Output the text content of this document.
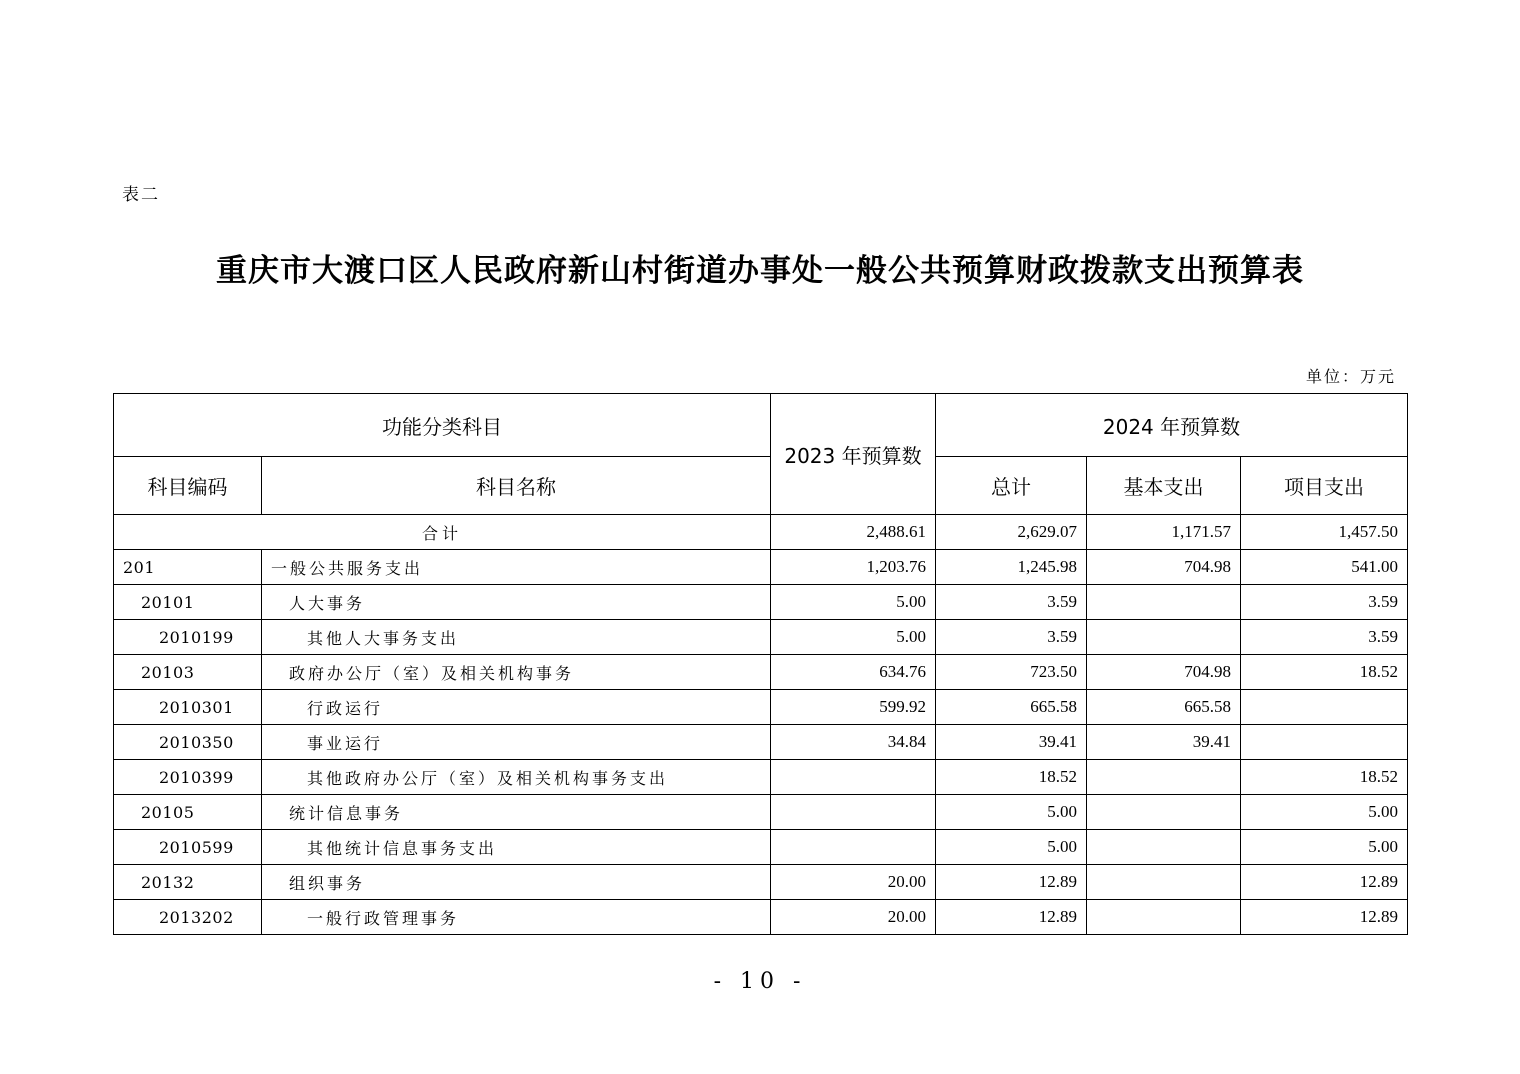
表二
重庆市大渡口区人民政府新山村街道办事处一般公共预算财政拨款支出预算表
单位：万元
功能分类科目		2023 年预算数	2024 年预算数		
科目编码	科目名称		总计	基本支出	项目支出
合计		2,488.61	2,629.07	1,171.57	1,457.50
201	一般公共服务支出	1,203.76	1,245.98	704.98	541.00
20101	人大事务	5.00	3.59		3.59
2010199	其他人大事务支出	5.00	3.59		3.59
20103	政府办公厅（室）及相关机构事务	634.76	723.50	704.98	18.52
2010301	行政运行	599.92	665.58	665.58	
2010350	事业运行	34.84	39.41	39.41	
2010399	其他政府办公厅（室）及相关机构事务支出		18.52		18.52
20105	统计信息事务		5.00		5.00
2010599	其他统计信息事务支出		5.00		5.00
20132	组织事务	20.00	12.89		12.89
2013202	一般行政管理事务	20.00	12.89		12.89
- 10 -
